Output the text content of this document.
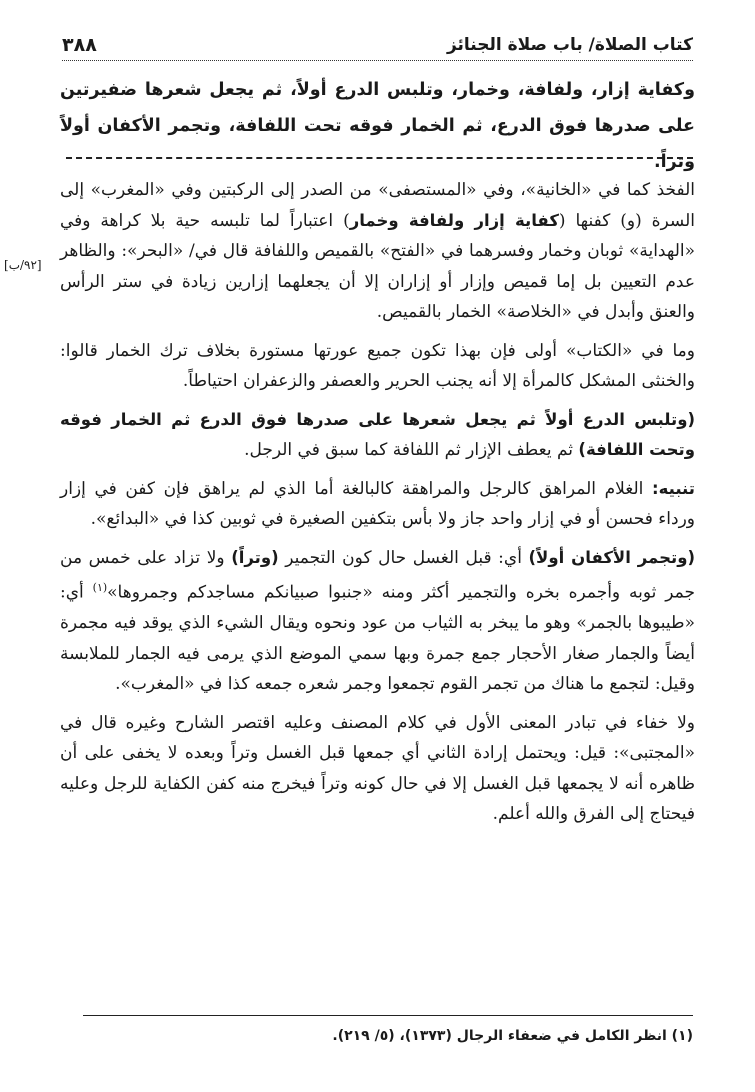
كتاب الصلاة/ باب صلاة الجنائز
٣٨٨
وكفاية إزار، ولفافة، وخمار، وتلبس الدرع أولاً، ثم يجعل شعرها ضفيرتين على صدرها فوق الدرع، ثم الخمار فوقه تحت اللفافة، وتجمر الأكفان أولاً وتراً.
[٩٢/ب]

الفخذ كما في «الخانية»، وفي «المستصفى» من الصدر إلى الركبتين وفي «المغرب» إلى السرة (و) كفنها (كفاية إزار ولفافة وخمار) اعتباراً لما تلبسه حية بلا كراهة وفي «الهداية» ثوبان وخمار وفسرهما في «الفتح» بالقميص واللفافة قال في/ «البحر»: والظاهر عدم التعيين بل إما قميص وإزار أو إزاران إلا أن يجعلهما إزارين زيادة في ستر الرأس والعنق وأبدل في «الخلاصة» الخمار بالقميص.

وما في «الكتاب» أولى فإن بهذا تكون جميع عورتها مستورة بخلاف ترك الخمار قالوا: والخنثى المشكل كالمرأة إلا أنه يجنب الحرير والعصفر والزعفران احتياطاً.

(وتلبس الدرع أولاً ثم يجعل شعرها على صدرها فوق الدرع ثم الخمار فوقه وتحت اللفافة) ثم يعطف الإزار ثم اللفافة كما سبق في الرجل.

تنبيه: الغلام المراهق كالرجل والمراهقة كالبالغة أما الذي لم يراهق فإن كفن في إزار ورداء فحسن أو في إزار واحد جاز ولا بأس بتكفين الصغيرة في ثوبين كذا في «البدائع».

(وتجمر الأكفان أولاً) أي: قبل الغسل حال كون التجمير (وتراً) ولا تزاد على خمس من جمر ثوبه وأجمره بخره والتجمير أكثر ومنه «جنبوا صبيانكم مساجدكم وجمروها»$^{(١)}$ أي: «طيبوها بالجمر» وهو ما يبخر به الثياب من عود ونحوه ويقال الشيء الذي يوقد فيه مجمرة أيضاً والجمار صغار الأحجار جمع جمرة وبها سمي الموضع الذي يرمى فيه الجمار للملابسة وقيل: لتجمع ما هناك من تجمر القوم تجمعوا وجمر شعره جمعه كذا في «المغرب».

ولا خفاء في تبادر المعنى الأول في كلام المصنف وعليه اقتصر الشارح وغيره قال في «المجتبى»: قيل: ويحتمل إرادة الثاني أي جمعها قبل الغسل وتراً وبعده لا يخفى على أن ظاهره أنه لا يجمعها قبل الغسل إلا في حال كونه وتراً فيخرج منه كفن الكفاية للرجل وعليه فيحتاج إلى الفرق والله أعلم.

(١) انظر الكامل في ضعفاء الرجال (١٣٧٣)، (٥/ ٢١٩).
